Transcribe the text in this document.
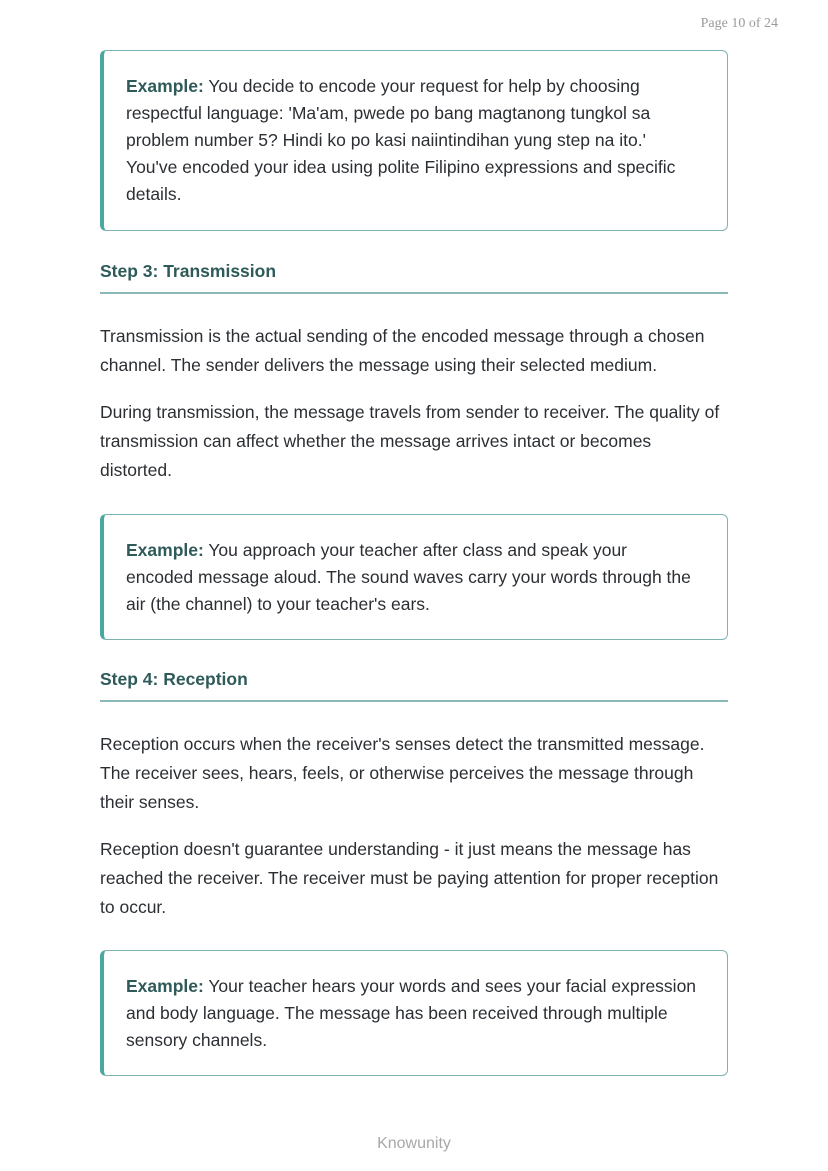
Page 10 of 24
Example: You decide to encode your request for help by choosing respectful language: 'Ma'am, pwede po bang magtanong tungkol sa problem number 5? Hindi ko po kasi naiintindihan yung step na ito.' You've encoded your idea using polite Filipino expressions and specific details.
Step 3: Transmission

Transmission is the actual sending of the encoded message through a chosen channel. The sender delivers the message using their selected medium.

During transmission, the message travels from sender to receiver. The quality of transmission can affect whether the message arrives intact or becomes distorted.

Example: You approach your teacher after class and speak your encoded message aloud. The sound waves carry your words through the air (the channel) to your teacher's ears.
Step 4: Reception

Reception occurs when the receiver's senses detect the transmitted message. The receiver sees, hears, feels, or otherwise perceives the message through their senses.

Reception doesn't guarantee understanding - it just means the message has reached the receiver. The receiver must be paying attention for proper reception to occur.

Example: Your teacher hears your words and sees your facial expression and body language. The message has been received through multiple sensory channels.
Knowunity
